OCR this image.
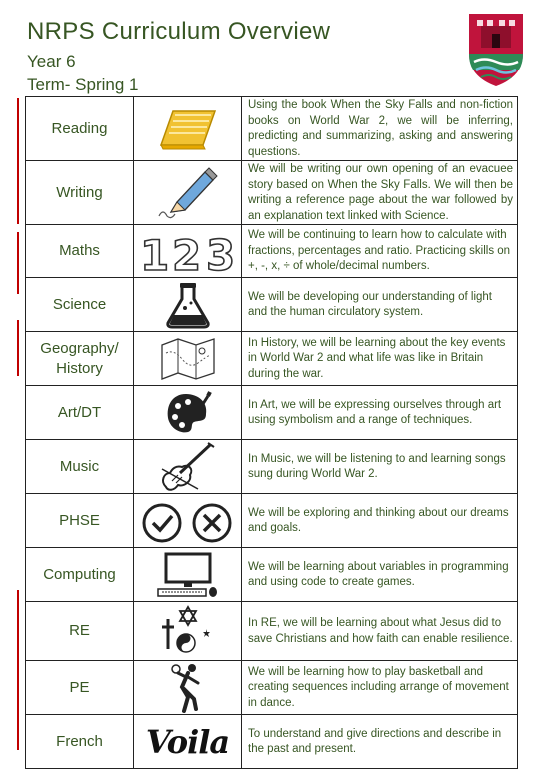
NRPS Curriculum Overview
Year 6
Term- Spring 1
Reading		Using the book When the Sky Falls and non-fiction books on World War 2, we will be inferring, predicting and summarizing, asking and answering questions.
Writing		We will be writing our own opening of an evacuee story based on When the Sky Falls. We will then be writing a reference page about the war followed by an explanation text linked with Science.
Maths	1 2 3	We will be continuing to learn how to calculate with fractions, percentages and ratio. Practicing skills on +, -, x, ÷ of whole/decimal numbers.
Science		We will be developing our understanding of light and the human circulatory system.
Geography/ History		In History, we will be learning about the key events in World War 2 and what life was like in Britain during the war.
Art/DT		In Art, we will be expressing ourselves through art using symbolism and a range of techniques.
Music		In Music, we will be listening to and learning songs sung during World War 2.
PHSE		We will be exploring and thinking about our dreams and goals.
Computing		We will be learning about variables in programming and using code to create games.
RE		In RE, we will be learning about what Jesus did to save Christians and how faith can enable resilience.
PE		We will be learning how to play basketball and creating sequences including arrange of movement in dance.
French	Voila	To understand and give directions and describe in the past and present.
